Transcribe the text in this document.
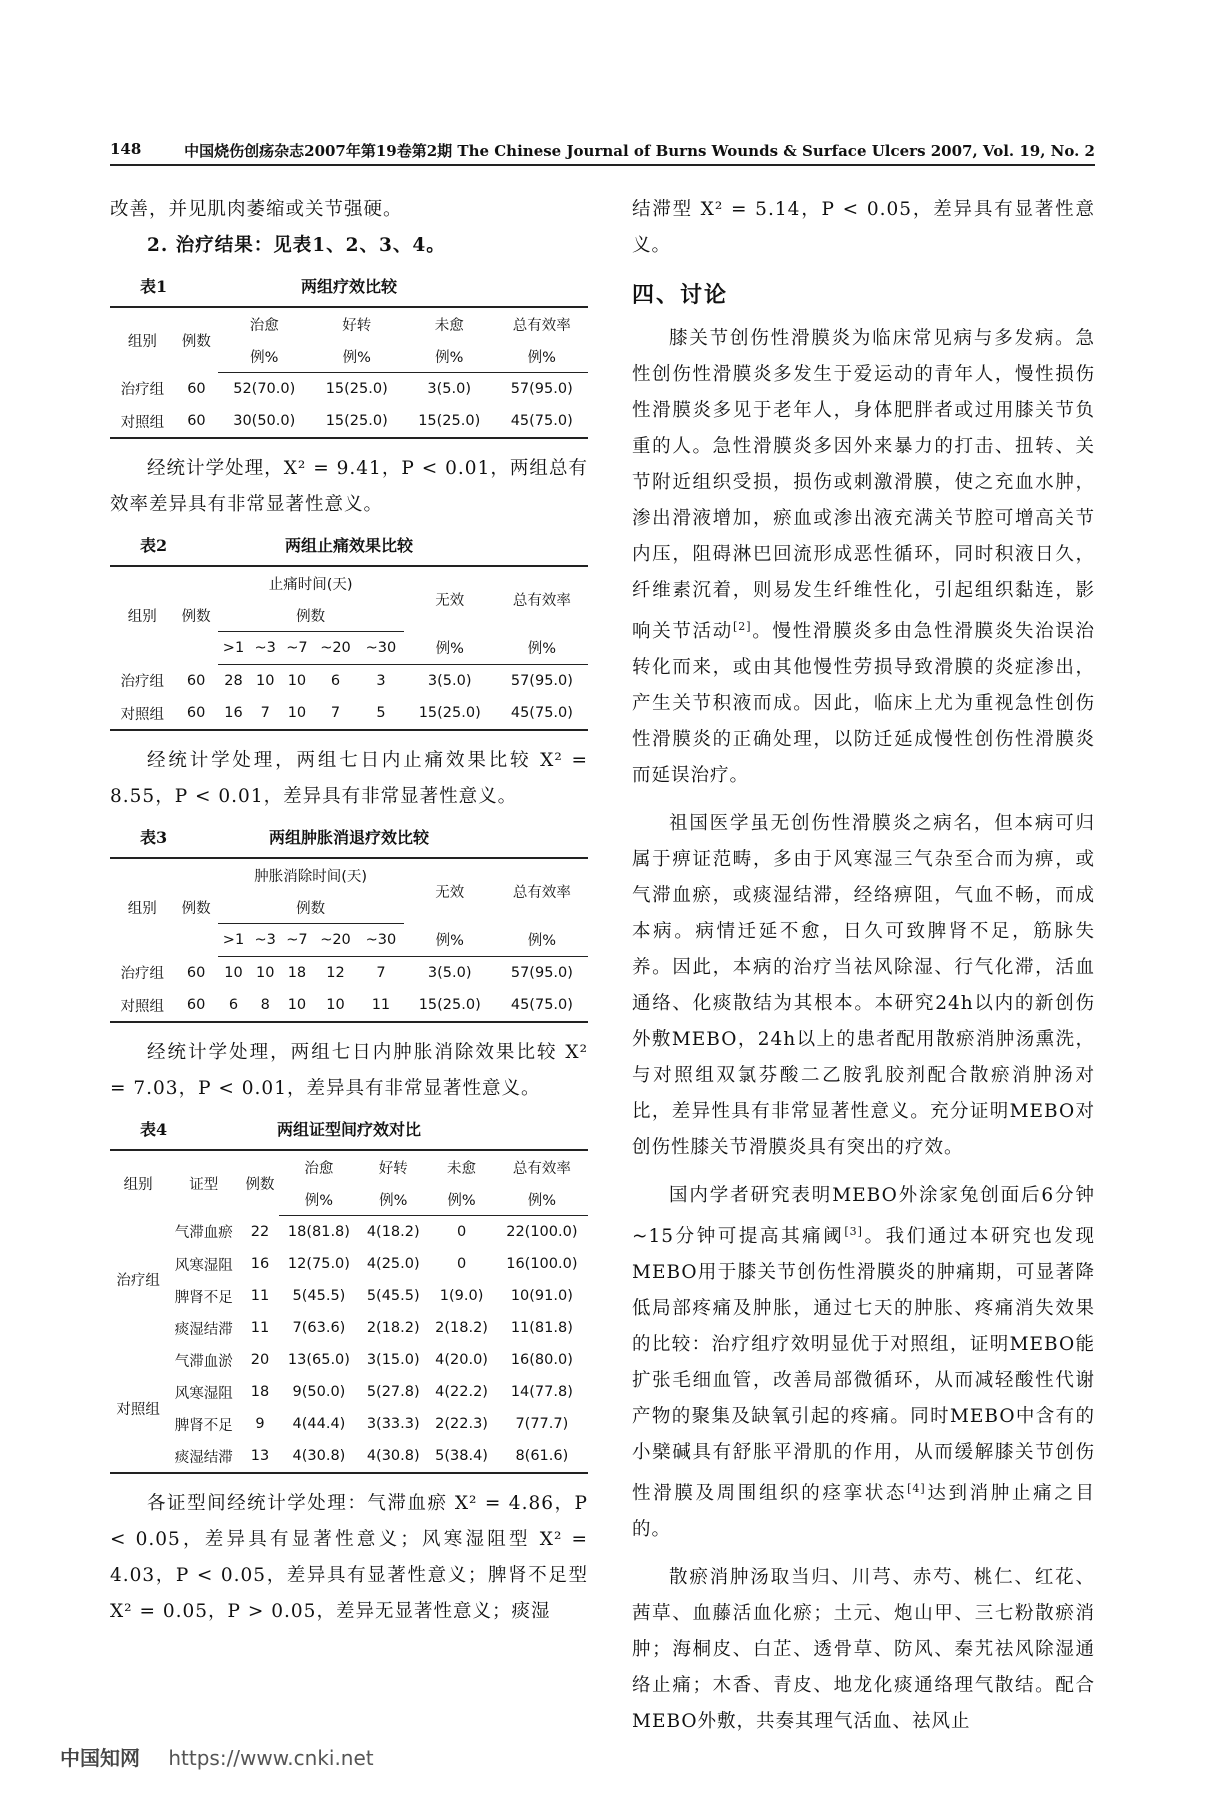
148	中国烧伤创疡杂志2007年第19卷第2期 The Chinese Journal of Burns Wounds & Surface Ulcers 2007, Vol. 19, No. 2

改善，并见肌肉萎缩或关节强硬。

2. 治疗结果：见表1、2、3、4。

表1	两组疗效比较
组别	例数	治愈	好转	未愈	总有效率
		例%	例%	例%	例%
治疗组	60	52(70.0)	15(25.0)	3(5.0)	57(95.0)
对照组	60	30(50.0)	15(25.0)	15(25.0)	45(75.0)

经统计学处理，X² = 9.41，P < 0.01，两组总有效率差异具有非常显著性意义。

表2	两组止痛效果比较
组别	例数	止痛时间(天)					无效	总有效率
		例数						
		>1	~3	~7	~20	~30	例%	例%
治疗组	60	28	10	10	6	3	3(5.0)	57(95.0)
对照组	60	16	7	10	7	5	15(25.0)	45(75.0)

经统计学处理，两组七日内止痛效果比较 X² = 8.55，P < 0.01，差异具有非常显著性意义。

表3	两组肿胀消退疗效比较
组别	例数	肿胀消除时间(天)					无效	总有效率
		例数						
		>1	~3	~7	~20	~30	例%	例%
治疗组	60	10	10	18	12	7	3(5.0)	57(95.0)
对照组	60	6	8	10	10	11	15(25.0)	45(75.0)

经统计学处理，两组七日内肿胀消除效果比较 X² = 7.03，P < 0.01，差异具有非常显著性意义。

表4	两组证型间疗效对比
组别	证型	例数	治愈	好转	未愈	总有效率
			例%	例%	例%	例%
治疗组	气滞血瘀	22	18(81.8)	4(18.2)	0	22(100.0)
	风寒湿阻	16	12(75.0)	4(25.0)	0	16(100.0)
	脾肾不足	11	5(45.5)	5(45.5)	1(9.0)	10(91.0)
	痰湿结滞	11	7(63.6)	2(18.2)	2(18.2)	11(81.8)
对照组	气滞血淤	20	13(65.0)	3(15.0)	4(20.0)	16(80.0)
	风寒湿阻	18	9(50.0)	5(27.8)	4(22.2)	14(77.8)
	脾肾不足	9	4(44.4)	3(33.3)	2(22.3)	7(77.7)
	痰湿结滞	13	4(30.8)	4(30.8)	5(38.4)	8(61.6)

各证型间经统计学处理：气滞血瘀 X² = 4.86，P < 0.05，差异具有显著性意义；风寒湿阻型 X² = 4.03，P < 0.05，差异具有显著性意义；脾肾不足型 X² = 0.05，P > 0.05，差异无显著性意义；痰湿

结滞型 X² = 5.14，P < 0.05，差异具有显著性意义。

四、讨论

膝关节创伤性滑膜炎为临床常见病与多发病。急性创伤性滑膜炎多发生于爱运动的青年人，慢性损伤性滑膜炎多见于老年人，身体肥胖者或过用膝关节负重的人。急性滑膜炎多因外来暴力的打击、扭转、关节附近组织受损，损伤或刺激滑膜，使之充血水肿，渗出滑液增加，瘀血或渗出液充满关节腔可增高关节内压，阻碍淋巴回流形成恶性循环，同时积液日久，纤维素沉着，则易发生纤维性化，引起组织黏连，影响关节活动[2]。慢性滑膜炎多由急性滑膜炎失治误治转化而来，或由其他慢性劳损导致滑膜的炎症渗出，产生关节积液而成。因此，临床上尤为重视急性创伤性滑膜炎的正确处理，以防迁延成慢性创伤性滑膜炎而延误治疗。

祖国医学虽无创伤性滑膜炎之病名，但本病可归属于痹证范畴，多由于风寒湿三气杂至合而为痹，或气滞血瘀，或痰湿结滞，经络痹阻，气血不畅，而成本病。病情迁延不愈，日久可致脾肾不足，筋脉失养。因此，本病的治疗当祛风除湿、行气化滞，活血通络、化痰散结为其根本。本研究24h以内的新创伤外敷MEBO，24h以上的患者配用散瘀消肿汤熏洗，与对照组双氯芬酸二乙胺乳胶剂配合散瘀消肿汤对比，差异性具有非常显著性意义。充分证明MEBO对创伤性膝关节滑膜炎具有突出的疗效。

国内学者研究表明MEBO外涂家兔创面后6分钟~15分钟可提高其痛阈[3]。我们通过本研究也发现MEBO用于膝关节创伤性滑膜炎的肿痛期，可显著降低局部疼痛及肿胀，通过七天的肿胀、疼痛消失效果的比较：治疗组疗效明显优于对照组，证明MEBO能扩张毛细血管，改善局部微循环，从而减轻酸性代谢产物的聚集及缺氧引起的疼痛。同时MEBO中含有的小檗碱具有舒胀平滑肌的作用，从而缓解膝关节创伤性滑膜及周围组织的痉挛状态[4]达到消肿止痛之目的。

散瘀消肿汤取当归、川芎、赤芍、桃仁、红花、茜草、血藤活血化瘀；土元、炮山甲、三七粉散瘀消肿；海桐皮、白芷、透骨草、防风、秦艽祛风除湿通络止痛；木香、青皮、地龙化痰通络理气散结。配合MEBO外敷，共奏其理气活血、祛风止

中国知网 https://www.cnki.net
